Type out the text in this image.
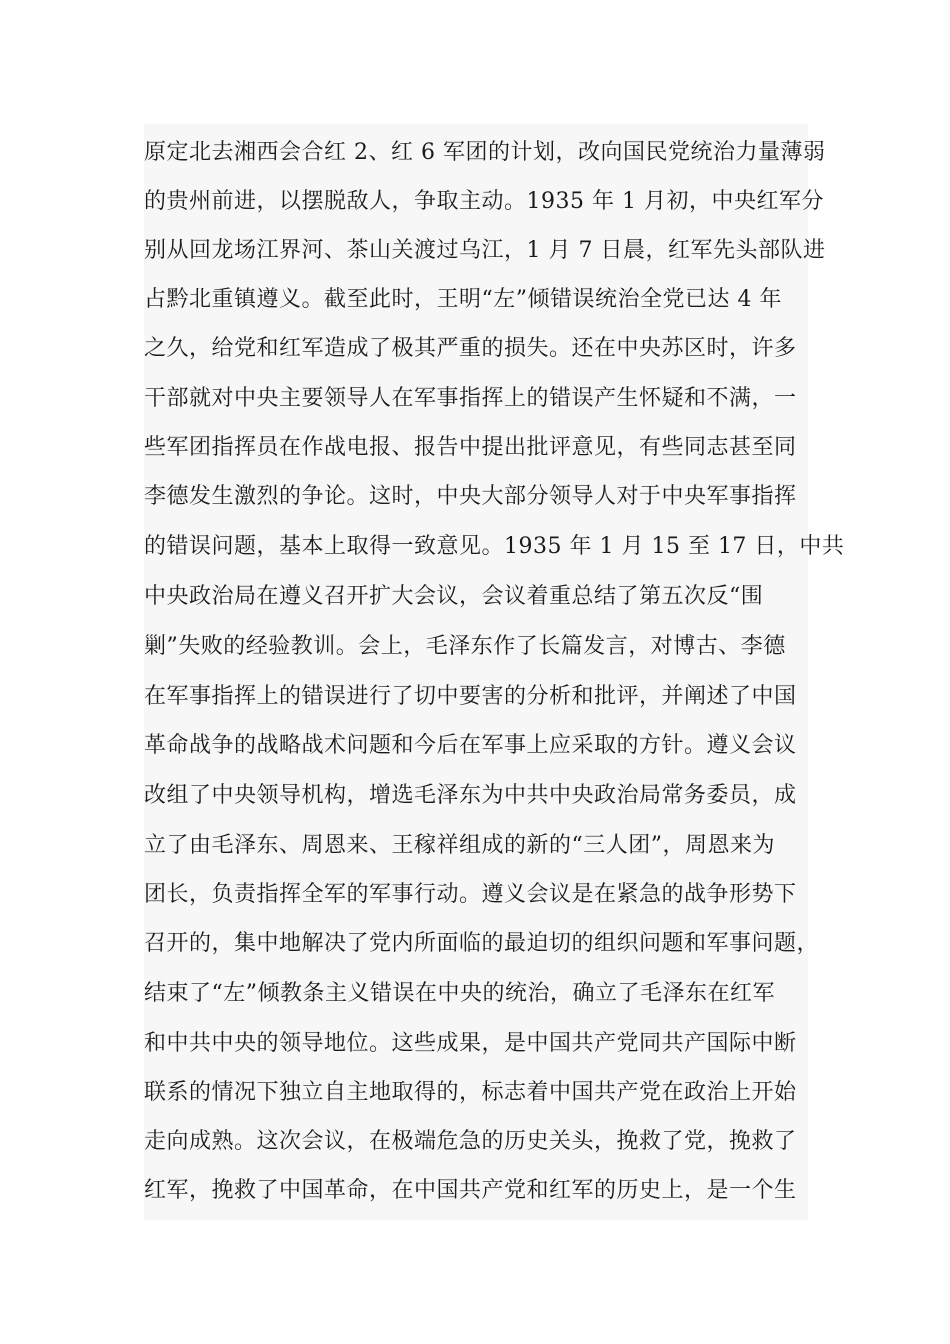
原定北去湘西会合红 2、红 6 军团的计划，改向国民党统治力量薄弱
的贵州前进，以摆脱敌人，争取主动。1935 年 1 月初，中央红军分
别从回龙场江界河、茶山关渡过乌江，1 月 7 日晨，红军先头部队进
占黔北重镇遵义。截至此时，王明“左”倾错误统治全党已达 4 年
之久，给党和红军造成了极其严重的损失。还在中央苏区时，许多
干部就对中央主要领导人在军事指挥上的错误产生怀疑和不满，一
些军团指挥员在作战电报、报告中提出批评意见，有些同志甚至同
李德发生激烈的争论。这时，中央大部分领导人对于中央军事指挥
的错误问题，基本上取得一致意见。1935 年 1 月 15 至 17 日，中共
中央政治局在遵义召开扩大会议，会议着重总结了第五次反“围
剿”失败的经验教训。会上，毛泽东作了长篇发言，对博古、李德
在军事指挥上的错误进行了切中要害的分析和批评，并阐述了中国
革命战争的战略战术问题和今后在军事上应采取的方针。遵义会议
改组了中央领导机构，增选毛泽东为中共中央政治局常务委员，成
立了由毛泽东、周恩来、王稼祥组成的新的“三人团”，周恩来为
团长，负责指挥全军的军事行动。遵义会议是在紧急的战争形势下
召开的，集中地解决了党内所面临的最迫切的组织问题和军事问题，
结束了“左”倾教条主义错误在中央的统治，确立了毛泽东在红军
和中共中央的领导地位。这些成果，是中国共产党同共产国际中断
联系的情况下独立自主地取得的，标志着中国共产党在政治上开始
走向成熟。这次会议，在极端危急的历史关头，挽救了党，挽救了
红军，挽救了中国革命，在中国共产党和红军的历史上，是一个生
